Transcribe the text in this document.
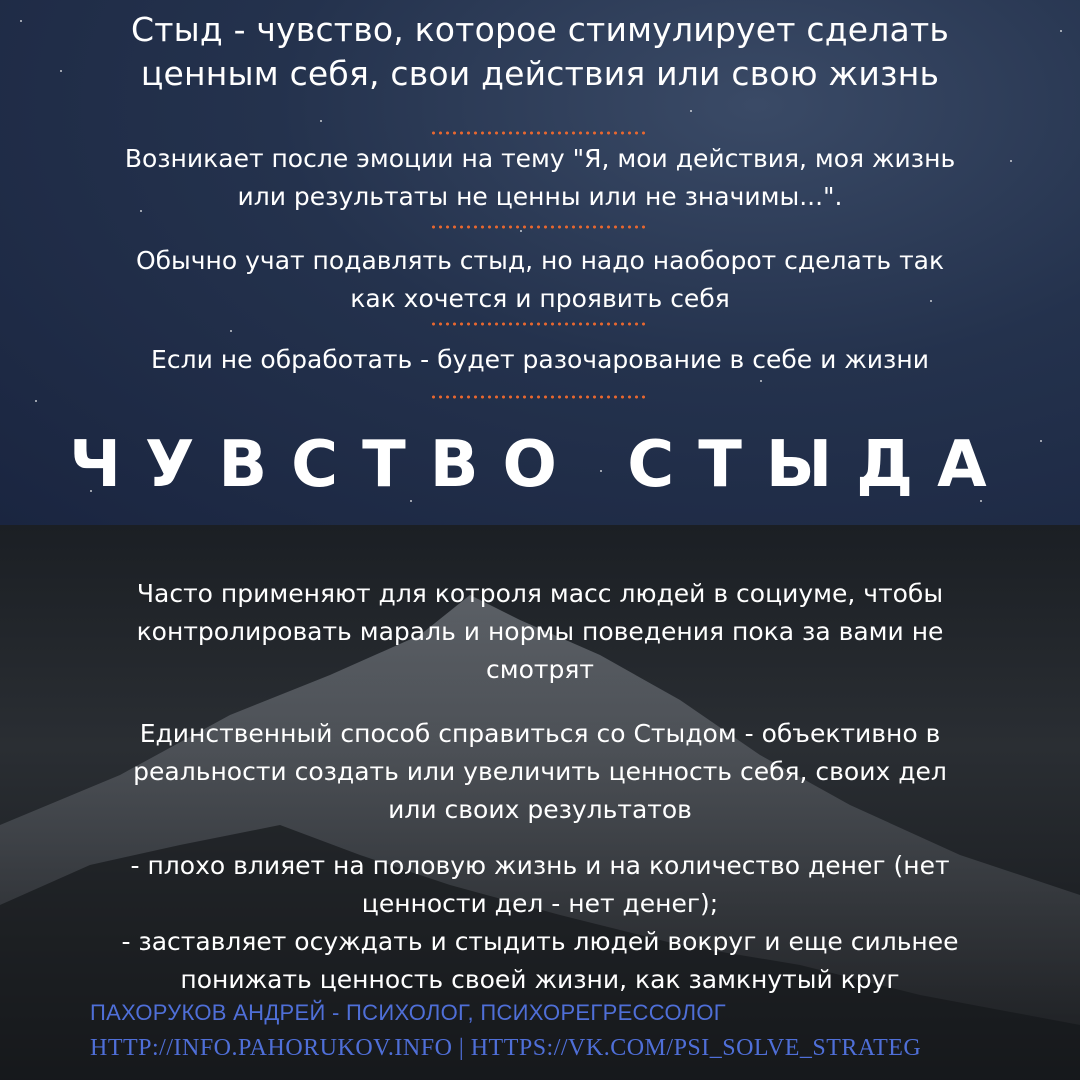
Стыд - чувство, которое стимулирует сделать
ценным себя, свои действия или свою жизнь
Возникает после эмоции на тему "Я, мои действия, моя жизнь
или результаты не ценны или не значимы...".
Обычно учат подавлять стыд, но надо наоборот сделать так
как хочется и проявить себя
Если не обработать - будет разочарование в себе и жизни
ЧУВСТВО СТЫДА
Часто применяют для котроля масс людей в социуме, чтобы
контролировать мараль и нормы поведения пока за вами не
смотрят
Единственный способ справиться со Стыдом - объективно в
реальности создать или увеличить ценность себя, своих дел
или своих результатов
- плохо влияет на половую жизнь и на количество денег (нет
ценности дел - нет денег);
- заставляет осуждать и стыдить людей вокруг и еще сильнее
понижать ценность своей жизни, как замкнутый круг
ПАХОРУКОВ АНДРЕЙ - ПСИХОЛОГ, ПСИХОРЕГРЕССОЛОГ
HTTP://INFO.PAHORUKOV.INFO | HTTPS://VK.COM/PSI_SOLVE_STRATEG
